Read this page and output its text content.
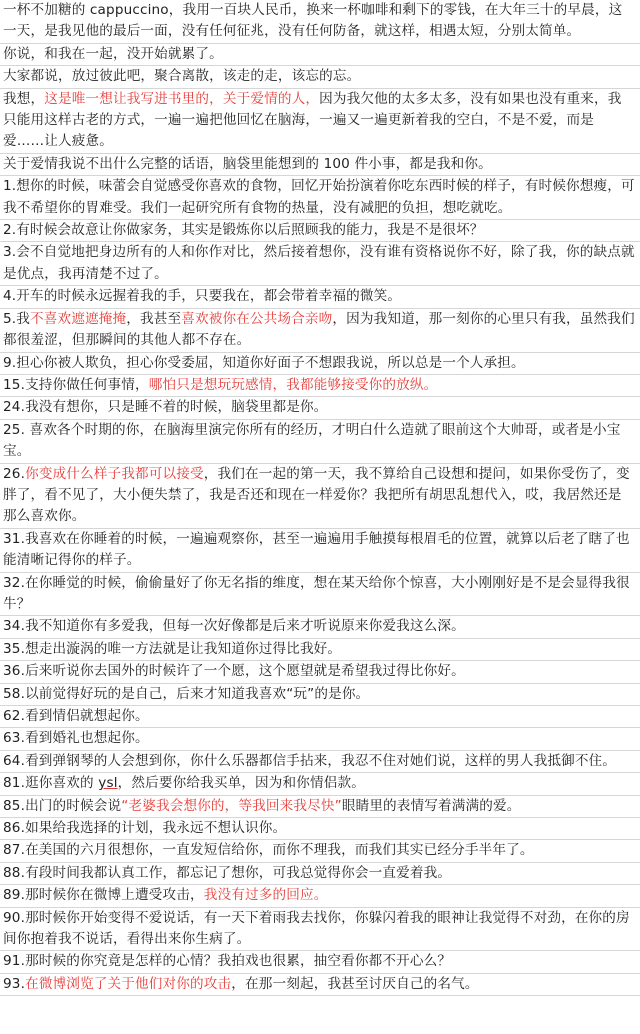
一杯不加糖的 cappuccino，我用一百块人民币，换来一杯咖啡和剩下的零钱，在大年三十的早晨，这一天，是我见他的最后一面，没有任何征兆，没有任何防备，就这样，相遇太短，分别太简单。

你说，和我在一起，没开始就累了。

大家都说，放过彼此吧，聚合离散，该走的走，该忘的忘。

我想，这是唯一想让我写进书里的，关于爱情的人，因为我欠他的太多太多，没有如果也没有重来，我只能用这样古老的方式，一遍一遍把他回忆在脑海，一遍又一遍更新着我的空白，不是不爱，而是爱……让人疲惫。

关于爱情我说不出什么完整的话语，脑袋里能想到的 100 件小事，都是我和你。

1.想你的时候，味蕾会自觉感受你喜欢的食物，回忆开始扮演着你吃东西时候的样子，有时候你想瘦，可我不希望你的胃难受。我们一起研究所有食物的热量，没有减肥的负担，想吃就吃。

2.有时候会故意让你做家务，其实是锻炼你以后照顾我的能力，我是不是很坏？

3.会不自觉地把身边所有的人和你作对比，然后接着想你，没有谁有资格说你不好，除了我，你的缺点就是优点，我再清楚不过了。

4.开车的时候永远握着我的手，只要我在，都会带着幸福的微笑。

5.我不喜欢遮遮掩掩，我甚至喜欢被你在公共场合亲吻，因为我知道，那一刻你的心里只有我，虽然我们都很羞涩，但那瞬间的其他人都不存在。

9.担心你被人欺负，担心你受委屈，知道你好面子不想跟我说，所以总是一个人承担。

15.支持你做任何事情，哪怕只是想玩玩感情，我都能够接受你的放纵。

24.我没有想你，只是睡不着的时候，脑袋里都是你。

25. 喜欢各个时期的你，在脑海里演完你所有的经历，才明白什么造就了眼前这个大帅哥，或者是小宝宝。

26.你变成什么样子我都可以接受，我们在一起的第一天，我不算给自己设想和提问，如果你受伤了，变胖了，看不见了，大小便失禁了，我是否还和现在一样爱你？我把所有胡思乱想代入，哎，我居然还是那么喜欢你。

31.我喜欢在你睡着的时候，一遍遍观察你，甚至一遍遍用手触摸每根眉毛的位置，就算以后老了瞎了也能清晰记得你的样子。

32.在你睡觉的时候，偷偷量好了你无名指的维度，想在某天给你个惊喜，大小刚刚好是不是会显得我很牛？

34.我不知道你有多爱我，但每一次好像都是后来才听说原来你爱我这么深。

35.想走出漩涡的唯一方法就是让我知道你过得比我好。

36.后来听说你去国外的时候许了一个愿，这个愿望就是希望我过得比你好。

58.以前觉得好玩的是自己，后来才知道我喜欢“玩”的是你。

62.看到情侣就想起你。

63.看到婚礼也想起你。

64.看到弹钢琴的人会想到你，你什么乐器都信手拈来，我忍不住对她们说，这样的男人我抵御不住。

81.逛你喜欢的 ysl，然后要你给我买单，因为和你情侣款。

85.出门的时候会说“老婆我会想你的，等我回来我尽快”眼睛里的表情写着满满的爱。

86.如果给我选择的计划，我永远不想认识你。

87.在美国的六月很想你，一直发短信给你，而你不理我，而我们其实已经分手半年了。

88.有段时间我都认真工作，都忘记了想你，可我总觉得你会一直爱着我。

89.那时候你在微博上遭受攻击，我没有过多的回应。

90.那时候你开始变得不爱说话，有一天下着雨我去找你，你躲闪着我的眼神让我觉得不对劲，在你的房间你抱着我不说话，看得出来你生病了。

91.那时候的你究竟是怎样的心情？我拍戏也很累，抽空看你都不开心么？

93.在微博浏览了关于他们对你的攻击，在那一刻起，我甚至讨厌自己的名气。
